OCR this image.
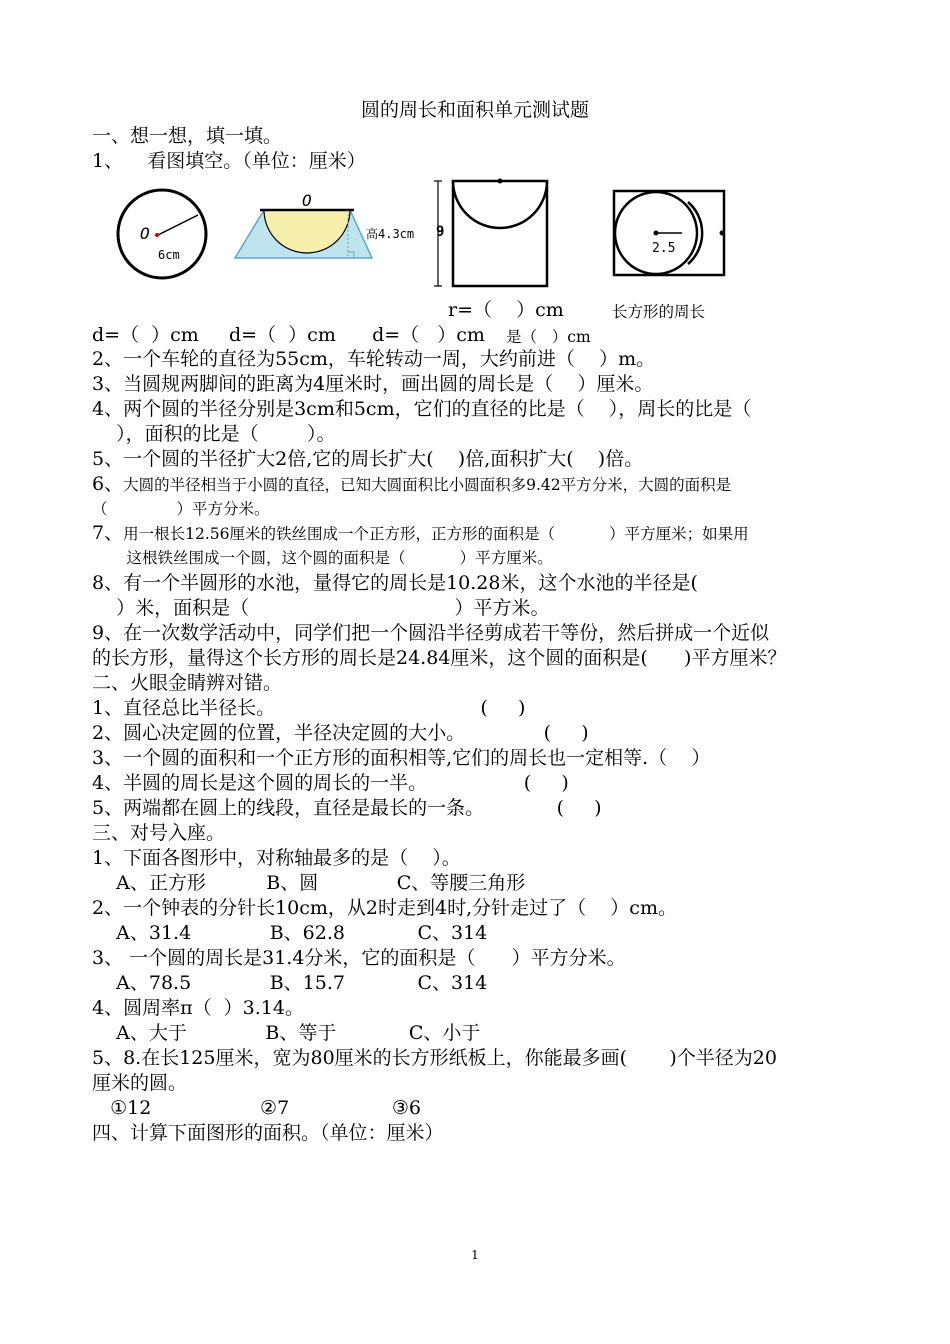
圆的周长和面积单元测试题
一、想一想，填一填。
1、    看图填空。（单位：厘米）
O
6cm
O
高4.3cm 9
2.5
r=（    ）cm	长方形的周长
d=（  ）cm     d=（  ）cm      d=（   ）cm 是（   ）cm
2、一个车轮的直径为55cm，车轮转动一周，大约前进（    ）m。
3、当圆规两脚间的距离为4厘米时，画出圆的周长是（    ）厘米。
4、两个圆的半径分别是3cm和5cm，它们的直径的比是（    ），周长的比是（
），面积的比是（        ）。
5、一个圆的半径扩大2倍,它的周长扩大(    )倍,面积扩大(    )倍。
6、大圆的半径相当于小圆的直径，已知大圆面积比小圆面积多9.42平方分米，大圆的面积是
（              ）平方分米。
7、用一根长12.56厘米的铁丝围成一个正方形，正方形的面积是（           ）平方厘米；如果用
这根铁丝围成一个圆，这个圆的面积是（           ）平方厘米。
8、有一个半圆形的水池，量得它的周长是10.28米，这个水池的半径是(
）米，面积是（                                  ）平方米。
9、在一次数学活动中，同学们把一个圆沿半径剪成若干等份，然后拼成一个近似
的长方形，量得这个长方形的周长是24.84厘米，这个圆的面积是(      )平方厘米？
二、火眼金睛辨对错。
1、直径总比半径长。                                  (     )
2、圆心决定圆的位置，半径决定圆的大小。             (     )
3、一个圆的面积和一个正方形的面积相等,它们的周长也一定相等.（    ）
4、半圆的周长是这个圆的周长的一半。                (     )
5、两端都在圆上的线段，直径是最长的一条。            (     )
三、对号入座。
1、下面各图形中，对称轴最多的是（    ）。
A、正方形          B、圆             C、等腰三角形
2、一个钟表的分针长10cm，从2时走到4时,分针走过了（    ）cm。
A、31.4             B、62.8            C、314
3、 一个圆的周长是31.4分米，它的面积是（      ）平方分米。
A、78.5             B、15.7            C、314
4、圆周率π（  ）3.14。
A、大于             B、等于            C、小于
5、8.在长125厘米，宽为80厘米的长方形纸板上，你能最多画(       )个半径为20
厘米的圆。
①12                  ②7                 ③6
四、计算下面图形的面积。（单位：厘米）
1
